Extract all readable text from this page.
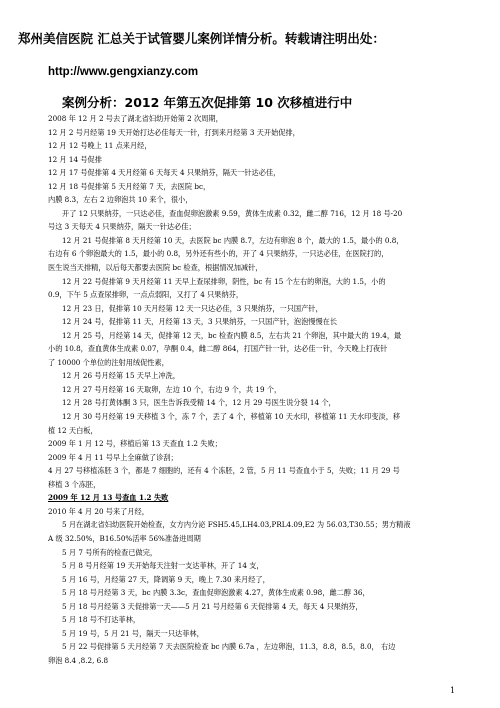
郑州美信医院 汇总关于试管婴儿案例详情分析。转载请注明出处：
http://www.gengxianzy.com
案例分析：2012 年第五次促排第 10 次移植进行中
2008 年 12 月 2 号去了湖北省妇幼开始第 2 次周期，
12 月 2 号月经第 19 天开始打达必佳每天一针，打到来月经第 3 天开始促排，
12 月 12 号晚上 11 点来月经，
12 月 14 号促排
12 月 17 号促排第 4 天月经第 6 天每天 4 只果纳芬，隔天一针达必佳，
12 月 18 号促排第 5 天月经第 7 天，去医院 bc，
内膜 8.3，左右 2 边卵泡共 10 来个，很小，
开了 12 只果纳芬，一只达必佳，查血促卵泡激素 9.59，黄体生成素 0.32，雌二醇 716，12 月 18 号-20
号这 3 天每天 4 只果纳芬，隔天一针达必佳；
12 月 21 号促排第 8 天月经第 10 天，去医院 bc 内膜 8.7，左边有卵泡 8 个，最大的 1.5，最小的 0.8，
右边有 6 个卵泡最大的 1.5，最小的 0.8，另外还有些小的，开了 4 只果纳芬，一只达必佳，在医院打的，
医生说当天排精，以后每天都要去医院 bc 检查，根据情况加减针，
12 月 22 号促排第 9 天月经第 11 天早上查尿排卵，阴性，bc 有 15 个左右的卵泡，大的 1.5，小的
0.9，下午 5 点查尿排卵，一点点弱阳，又打了 4 只果纳芬，
12 月 23 日，促排第 10 天月经第 12 天一只达必佳，3 只果纳芬，一只国产针，
12 月 24 号，促排第 11 天，月经第 13 天，3 只果纳芬，一只国产针，泡泡慢慢在长
12 月 25 号，月经第 14 天，促排第 12 天，bc 检查内膜 8.5，左右共 21 个卵泡，其中最大的 19.4，最
小的 10.8，查血黄体生成素 0.07，孕酮 0.4，雌二醇 864，打国产针一针，达必佳一针，今天晚上打夜针
了 10000 个单位的注射用绒促性素，
12 月 26 号月经第 15 天早上冲洗，
12 月 27 号月经第 16 天取卵，左边 10 个，右边 9 个，共 19 个，
12 月 28 号打黄体酮 3 只，医生告诉我受精 14 个，12 月 29 号医生说分裂 14 个，
12 月 30 号月经第 19 天移植 3 个，冻 7 个，丢了 4 个，移植第 10 天水印，移植第 11 天水印变淡，移
植 12 天白板，
2009 年 1 月 12 号，移植后第 13 天查血 1.2 失败；
2009 年 4 月 11 号早上全麻做了诊刮；
4 月 27 号移植冻胚 3 个，都是 7 细胞的，还有 4 个冻胚，2 管，5 月 11 号查血小于 5，失败；11 月 29 号
移植 3 个冻胚，
2009 年 12 月 13 号查血 1.2 失败
2010 年 4 月 20 号来了月经，
5 月在湖北省妇幼医院开始检查，女方内分泌 FSH5.45,LH4.03,PRL4.09,E2 为 56.03,T30.55；男方精液
A 级 32.50%，B16.50%活率 56%准备进周期
5 月 7 号所有的检查已做完，
5 月 8 号月经第 19 天开始每天注射一支达菲林，开了 14 支，
5 月 16 号，月经第 27 天，降调第 9 天，晚上 7.30 来月经了，
5 月 18 号月经第 3 天，bc 内膜 3.3c，查血促卵泡激素 4.27，黄体生成素 0.98，雌二醇 36，
5 月 18 号月经第 3 天促排第一天——5 月 21 号月经第 6 天促排第 4 天，每天 4 只果纳芬，
5 月 18 号不打达菲林，
5 月 19 号，5 月 21 号，隔天一只达菲林，
5 月 22 号促排第 5 天月经第 7 天去医院检查 bc 内膜 6.7a ，左边卵泡，11.3，8.8，8.5，8.0， 右边
卵泡 8.4 ,8.2, 6.8
1
